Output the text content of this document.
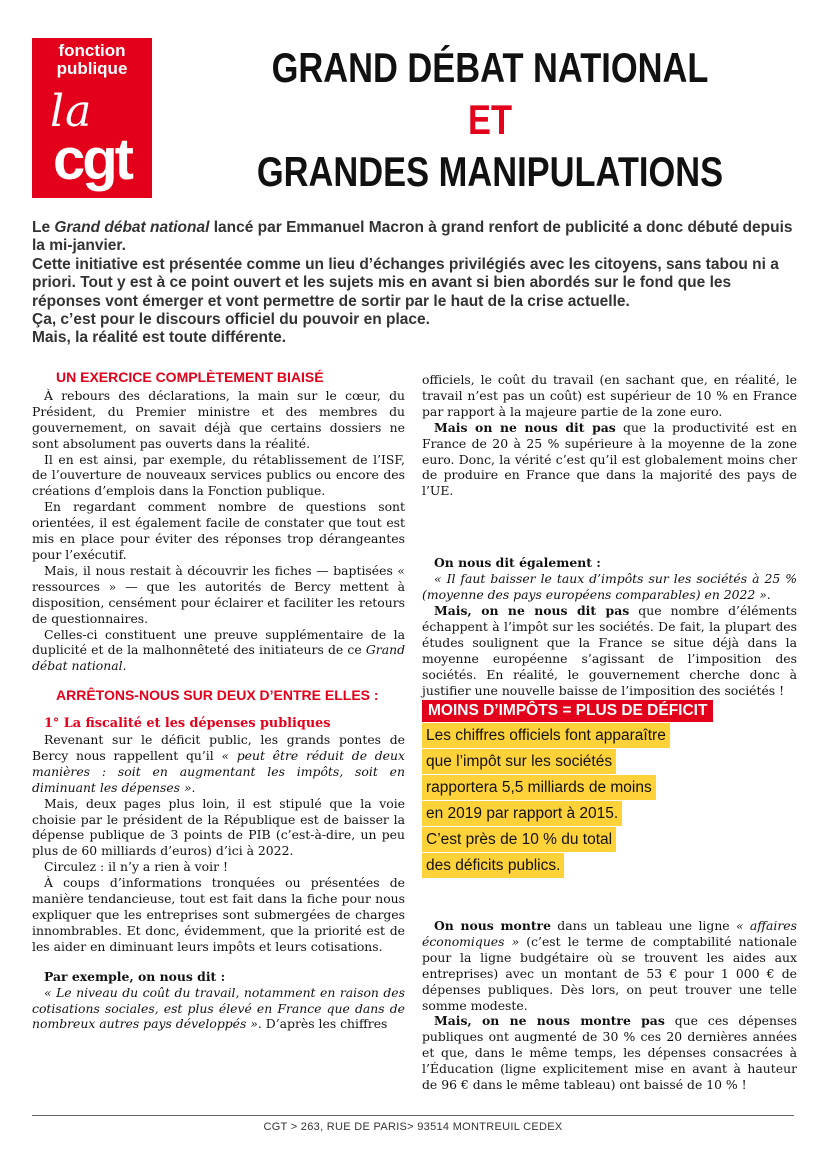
fonction
publique
la
cgt
GRAND DÉBAT NATIONAL
ET
GRANDES MANIPULATIONS

Le Grand débat national lancé par Emmanuel Macron à grand renfort de publicité a donc débuté depuis la mi-janvier.

Cette initiative est présentée comme un lieu d’échanges privilégiés avec les citoyens, sans tabou ni a priori. Tout y est à ce point ouvert et les sujets mis en avant si bien abordés sur le fond que les réponses vont émerger et vont permettre de sortir par le haut de la crise actuelle.

Ça, c’est pour le discours officiel du pouvoir en place.

Mais, la réalité est toute différente.

UN EXERCICE COMPLÈTEMENT BIAISÉ

À rebours des déclarations, la main sur le cœur, du Président, du Premier ministre et des membres du gouvernement, on savait déjà que certains dossiers ne sont absolument pas ouverts dans la réalité.

Il en est ainsi, par exemple, du rétablissement de l’ISF, de l’ouverture de nouveaux services publics ou encore des créations d’emplois dans la Fonction publique.

En regardant comment nombre de questions sont orientées, il est également facile de constater que tout est mis en place pour éviter des réponses trop dérangeantes pour l’exécutif.

Mais, il nous restait à découvrir les fiches — baptisées « ressources » — que les autorités de Bercy mettent à disposition, censément pour éclairer et faciliter les retours de questionnaires.

Celles-ci constituent une preuve supplémentaire de la duplicité et de la malhonnêteté des initiateurs de ce Grand débat national.

ARRÊTONS-NOUS SUR DEUX D’ENTRE ELLES :

1° La fiscalité et les dépenses publiques

Revenant sur le déficit public, les grands pontes de Bercy nous rappellent qu’il « peut être réduit de deux manières : soit en augmentant les impôts, soit en diminuant les dépenses ».

Mais, deux pages plus loin, il est stipulé que la voie choisie par le président de la République est de baisser la dépense publique de 3 points de PIB (c’est-à-dire, un peu plus de 60 milliards d’euros) d’ici à 2022.

Circulez : il n’y a rien à voir !

À coups d’informations tronquées ou présentées de manière tendancieuse, tout est fait dans la fiche pour nous expliquer que les entreprises sont submergées de charges innombrables. Et donc, évidemment, que la priorité est de les aider en diminuant leurs impôts et leurs cotisations.

Par exemple, on nous dit :

« Le niveau du coût du travail, notamment en raison des cotisations sociales, est plus élevé en France que dans de nombreux autres pays développés ». D’après les chiffres

officiels, le coût du travail (en sachant que, en réalité, le travail n’est pas un coût) est supérieur de 10 % en France par rapport à la majeure partie de la zone euro.

Mais on ne nous dit pas que la productivité est en France de 20 à 25 % supérieure à la moyenne de la zone euro. Donc, la vérité c’est qu’il est globalement moins cher de produire en France que dans la majorité des pays de l’UE.

On nous dit également :

« Il faut baisser le taux d’impôts sur les sociétés à 25 % (moyenne des pays européens comparables) en 2022 ».

Mais, on ne nous dit pas que nombre d’éléments échappent à l’impôt sur les sociétés. De fait, la plupart des études soulignent que la France se situe déjà dans la moyenne européenne s’agissant de l’imposition des sociétés. En réalité, le gouvernement cherche donc à justifier une nouvelle baisse de l’imposition des sociétés !

MOINS D’IMPÔTS = PLUS DE DÉFICIT
Les chiffres officiels font apparaître
que l’impôt sur les sociétés
rapportera 5,5 milliards de moins
en 2019 par rapport à 2015.
C’est près de 10 % du total
des déficits publics.

On nous montre dans un tableau une ligne « affaires économiques » (c’est le terme de comptabilité nationale pour la ligne budgétaire où se trouvent les aides aux entreprises) avec un montant de 53 € pour 1 000 € de dépenses publiques. Dès lors, on peut trouver une telle somme modeste.

Mais, on ne nous montre pas que ces dépenses publiques ont augmenté de 30 % ces 20 dernières années et que, dans le même temps, les dépenses consacrées à l’Éducation (ligne explicitement mise en avant à hauteur de 96 € dans le même tableau) ont baissé de 10 % !

CGT > 263, RUE DE PARIS> 93514 MONTREUIL CEDEX
